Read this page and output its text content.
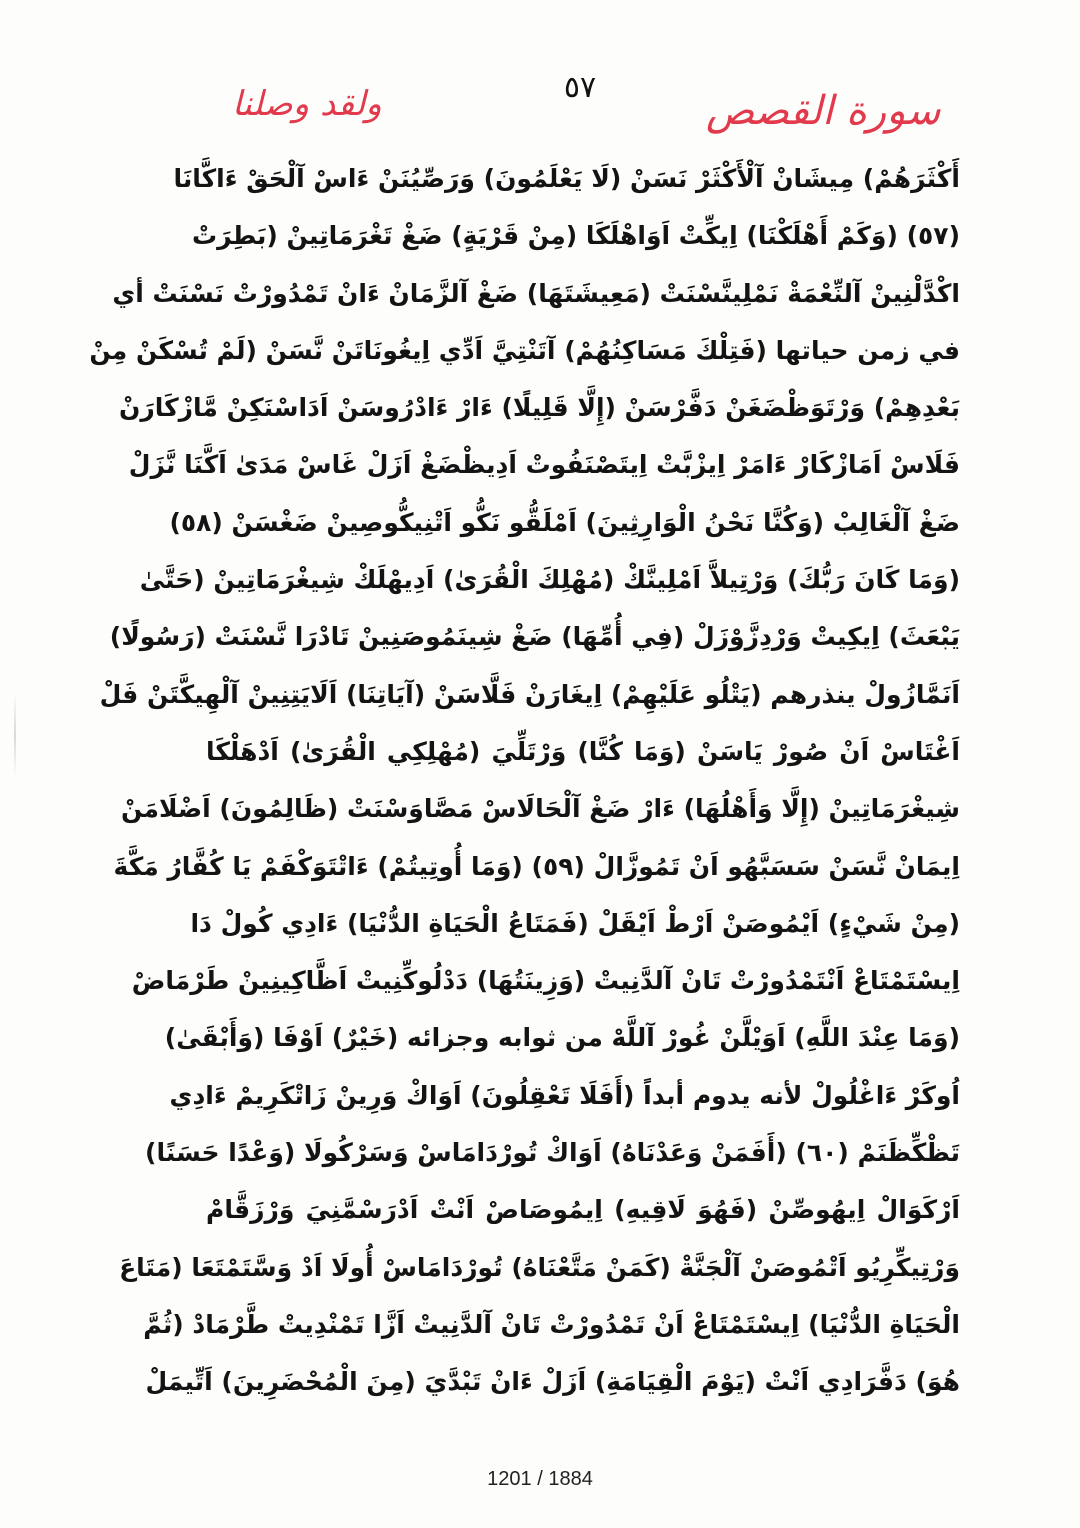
ولقد وصلنا	٥٧
سورة القصص
أَكْثَرَهُمْ) مِيشَانْ آلْأَكْثَرْ نَسَنْ (لَا يَعْلَمُونَ) وَرَصِّيُنَنْ ءَاسْ آلْحَقْ ءَاكَّانَا
(٥٧) (وَكَمْ أَهْلَكْنَا) اِيكِّتْ اَوَاهْلَكَا (مِنْ قَرْيَةٍ) ضَغْ تَغْرَمَاتِينْ (بَطِرَتْ
اكْدَّلْنِينْ آلنِّعْمَةْ نَمْلِينَّسْنَتْ (مَعِيشَتَهَا) ضَغْ آلزَّمَانْ ءَانْ تَمْدُورْتْ نَسْنَتْ أي
في زمن حياتها (فَتِلْكَ مَسَاكِنُهُمْ) آتَنْتِيَّ اَدِّي اِيغُونَاتَنْ نَّسَنْ (لَمْ تُسْكَنْ مِنْ
بَعْدِهِمْ) وَرْتَوَظْضَغَنْ دَفَّرْسَنْ (إِلَّا قَلِيلًا) ءَارْ ءَادْرُوسَنْ اَدَاسْنَكِنْ مَّازْكَارَنْ
فَلَاسْ اَمَازْكَارْ ءَامَرْ اِيزْبَّتْ اِيتَصْنَفُوتْ اَدِيظْضَغْ اَزَلْ غَاسْ مَدَىٰ اَكَّنَا نَّزَلْ
ضَغْ آلْغَالِبْ (وَكُنَّا نَحْنُ الْوَارِثِينَ) اَمْلَقُّو نَكُّو اَتْنِيكُّوصِينْ ضَغْسَنْ (٥٨)
(وَمَا كَانَ رَبُّكَ) وَرْتِيلاَّ اَمْلِينَّكْ (مُهْلِكَ الْقُرَىٰ) اَدِيهْلَكْ شِيغْرَمَاتِينْ (حَتَّىٰ
يَبْعَثَ) اِيكِيتْ وَرْدِزَّوْزَلْ (فِي أُمِّهَا) ضَغْ شِينَمُوصَنِينْ تَادْرَا نَّسْنَتْ (رَسُولًا)
اَنَمَّازُولْ ينذرهم (يَتْلُو عَلَيْهِمْ) اِيغَارَنْ فَلَّاسَنْ (آيَاتِنَا) اَلَايَتِنِينْ آلْهِيكَّتَنْ فَلْ
اَغْتَاسْ اَنْ صُورْ يَاسَنْ (وَمَا كُنَّا) وَرْتَلِّيَ (مُهْلِكِي الْقُرَىٰ) اَدْهَلْكَا
شِيغْرَمَاتِينْ (إِلَّا وَأَهْلُهَا) ءَارْ ضَغْ آلْحَالَاسْ مَصَّاوَسْنَتْ (ظَالِمُونَ) اَضْلَامَنْ
اِيمَانْ نَّسَنْ سَسَبَّهُو اَنْ تَمُوزَّالْ (٥٩) (وَمَا أُوتِيتُمْ) ءَاتْتَوَكْفَمْ يَا كُفَّارُ مَكَّةَ
(مِنْ شَيْءٍ) اَيْمُوصَنْ اَرْطْ اَيْقَلْ (فَمَتَاعُ الْحَيَاةِ الدُّنْيَا) ءَادِي كُولْ دَا
اِيسْتَمْتَاعْ اَنْتَمْدُورْتْ تَانْ آلدَّنِيتْ (وَزِينَتُهَا) دَدْلُوكِّنِيتْ اَظَّاكِينِينْ طَرْمَاضْ
(وَمَا عِنْدَ اللَّهِ) اَوَيْلَّنْ غُورْ آللَّهْ من ثوابه وجزائه (خَيْرٌ) اَوْفَا (وَأَبْقَىٰ)
اُوكَرْ ءَاغْلُولْ لأنه يدوم أبداً (أَفَلَا تَعْقِلُونَ) اَوَاكْ وَرِينْ زَاتْكَرِيمْ ءَادِي
تَظْكِّظَنَمْ (٦٠) (أَفَمَنْ وَعَدْنَاهُ) اَوَاكْ تُورْدَامَاسْ وَسَرْكُولَا (وَعْدًا حَسَنًا)
اَرْكَوَالْ اِيهُوصِّنْ (فَهُوَ لَاقِيهِ) اِيمُوصَاصْ اَنْتْ اَدْرَسْمَّنِيَ وَرْزَقَّامْ
وَرْتِيكِّرِيُو اَتْمُوصَنْ آلْجَنَّةْ (كَمَنْ مَتَّعْنَاهُ) تُورْدَامَاسْ أُولَا اَدْ وَسَّتَمْتَعَا (مَتَاعَ
الْحَيَاةِ الدُّنْيَا) اِيسْتَمْتَاعْ اَنْ تَمْدُورْتْ تَانْ آلدَّنِيتْ اَزَّا تَمْنْدِيتْ طَّرْمَادْ (ثُمَّ
هُوَ) دَفَّرَادِي اَنْتْ (يَوْمَ الْقِيَامَةِ) اَزَلْ ءَانْ تَبْدَّيَ (مِنَ الْمُحْضَرِينَ) اَتِّيمَلْ
1201 / 1884
